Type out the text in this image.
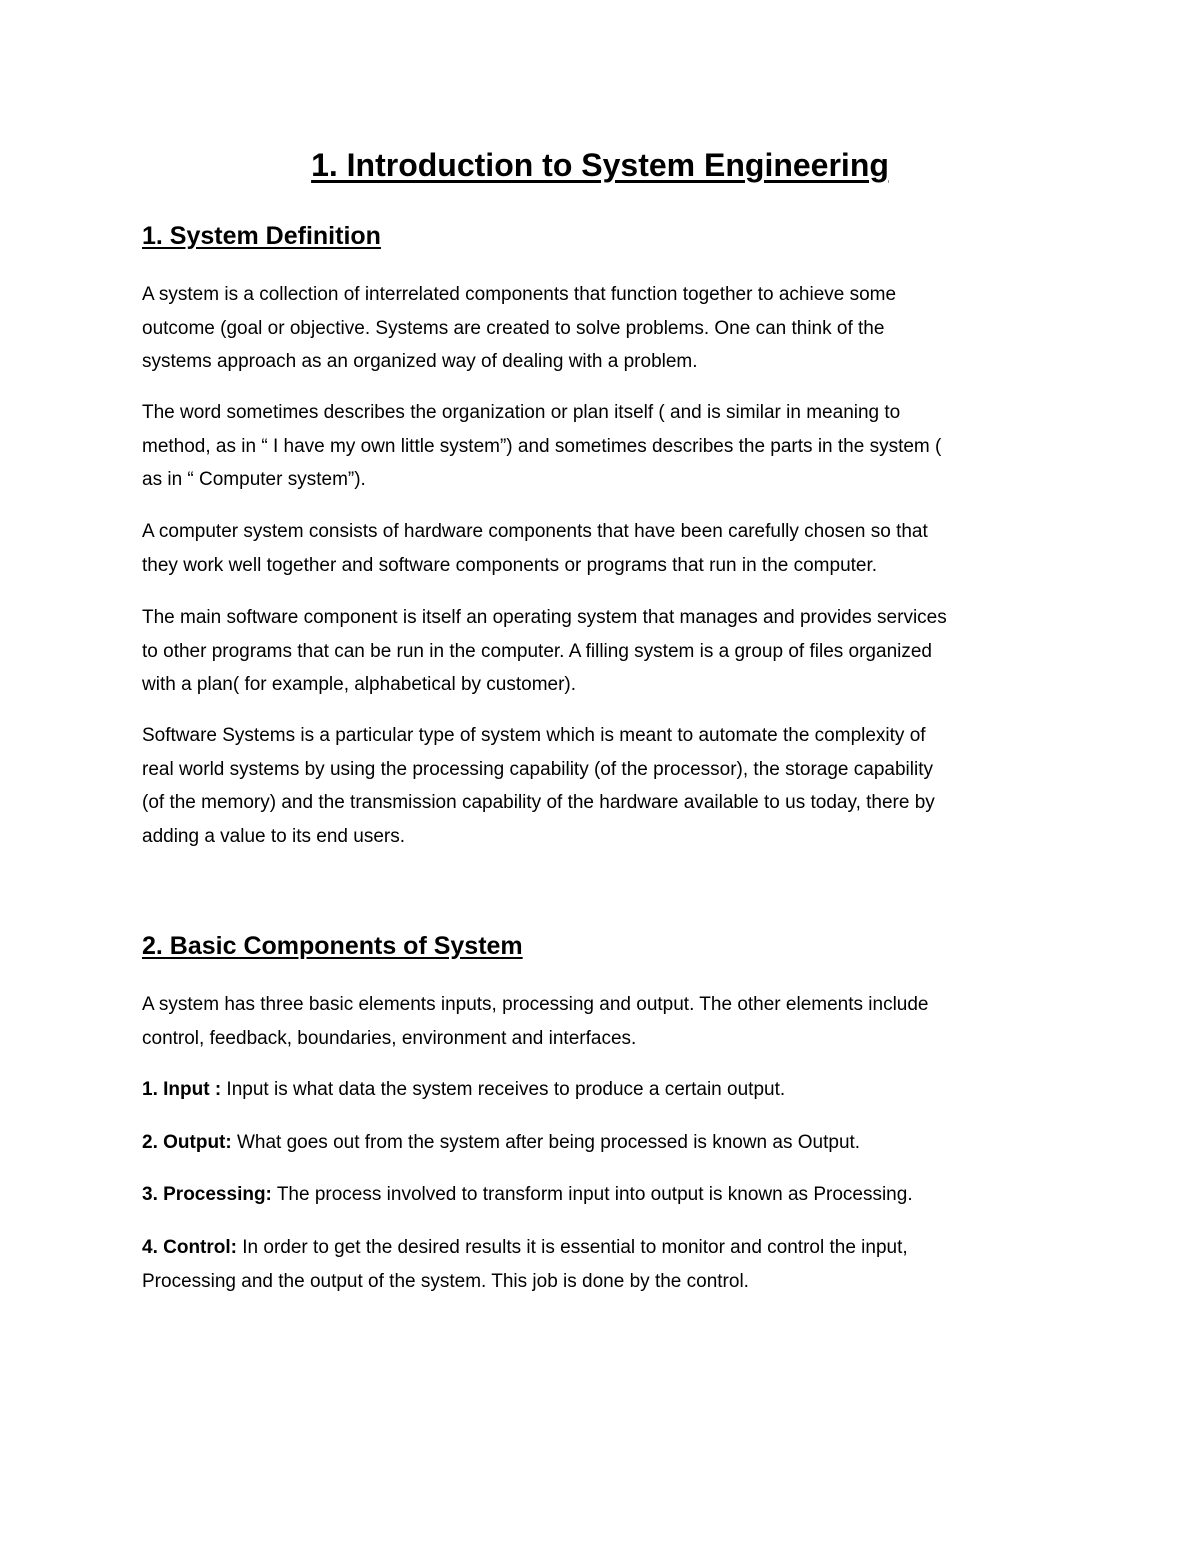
1. Introduction to System Engineering
1. System Definition

A system is a collection of interrelated components that function together to achieve some
outcome (goal or objective. Systems are created to solve problems. One can think of the
systems approach as an organized way of dealing with a problem.

The word sometimes describes the organization or plan itself ( and is similar in meaning to
method, as in “ I have my own little system”) and sometimes describes the parts in the system (
as in “ Computer system”).

A computer system consists of hardware components that have been carefully chosen so that
they work well together and software components or programs that run in the computer.

The main software component is itself an operating system that manages and provides services
to other programs that can be run in the computer. A filling system is a group of files organized
with a plan( for example, alphabetical by customer).

Software Systems is a particular type of system which is meant to automate the complexity of
real world systems by using the processing capability (of the processor), the storage capability
(of the memory) and the transmission capability of the hardware available to us today, there by
adding a value to its end users.

2. Basic Components of System

A system has three basic elements inputs, processing and output. The other elements include
control, feedback, boundaries, environment and interfaces.

1. Input : Input is what data the system receives to produce a certain output.

2. Output: What goes out from the system after being processed is known as Output.

3. Processing: The process involved to transform input into output is known as Processing.

4. Control: In order to get the desired results it is essential to monitor and control the input,
Processing and the output of the system. This job is done by the control.
